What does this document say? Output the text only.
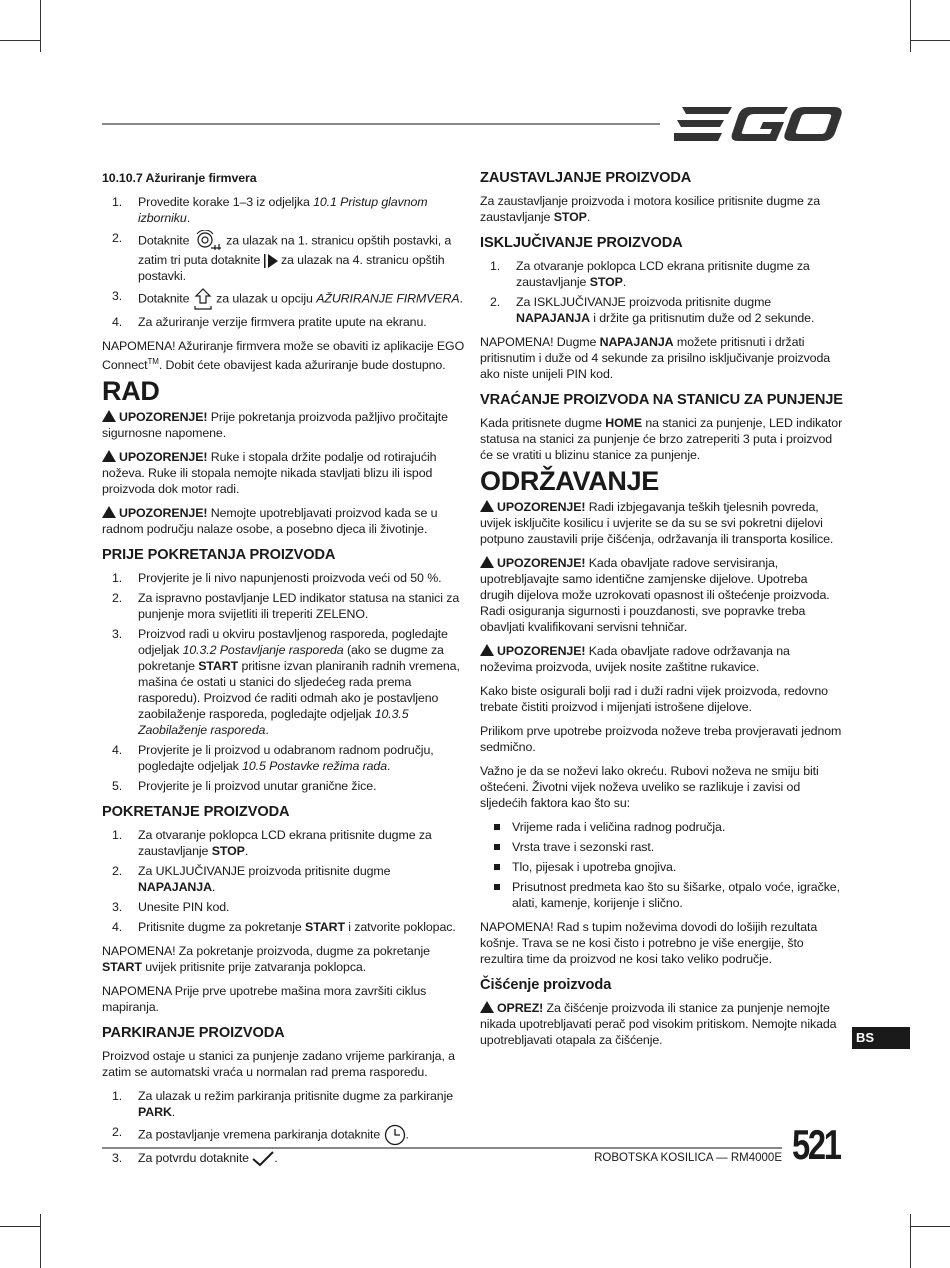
10.10.7 Ažuriranje firmvera
1. Provedite korake 1–3 iz odjeljka 10.1 Pristup glavnom izborniku.
2. Dotaknite  za ulazak na 1. stranicu opštih postavki, a zatim tri puta dotaknite  za ulazak na 4. stranicu opštih postavki.
3. Dotaknite  za ulazak u opciju AŽURIRANJE FIRMVERA.
4. Za ažuriranje verzije firmvera pratite upute na ekranu.

NAPOMENA! Ažuriranje firmvera može se obaviti iz aplikacije EGO Connect™. Dobit ćete obavijest kada ažuriranje bude dostupno.

RAD

UPOZORENJE! Prije pokretanja proizvoda pažljivo pročitajte sigurnosne napomene.

UPOZORENJE! Ruke i stopala držite podalje od rotirajućih noževa. Ruke ili stopala nemojte nikada stavljati blizu ili ispod proizvoda dok motor radi.

UPOZORENJE! Nemojte upotrebljavati proizvod kada se u radnom području nalaze osobe, a posebno djeca ili životinje.

PRIJE POKRETANJA PROIZVODA
1. Provjerite je li nivo napunjenosti proizvoda veći od 50 %.
2. Za ispravno postavljanje LED indikator statusa na stanici za punjenje mora svijetliti ili treperiti ZELENO.
3. Proizvod radi u okviru postavljenog rasporeda, pogledajte odjeljak 10.3.2 Postavljanje rasporeda (ako se dugme za pokretanje START pritisne izvan planiranih radnih vremena, mašina će ostati u stanici do sljedećeg rada prema rasporedu). Proizvod će raditi odmah ako je postavljeno zaobilaženje rasporeda, pogledajte odjeljak 10.3.5 Zaobilaženje rasporeda.
4. Provjerite je li proizvod u odabranom radnom području, pogledajte odjeljak 10.5 Postavke režima rada.
5. Provjerite je li proizvod unutar granične žice.
POKRETANJE PROIZVODA
1. Za otvaranje poklopca LCD ekrana pritisnite dugme za zaustavljanje STOP.
2. Za UKLJUČIVANJE proizvoda pritisnite dugme NAPAJANJA.
3. Unesite PIN kod.
4. Pritisnite dugme za pokretanje START i zatvorite poklopac.

NAPOMENA! Za pokretanje proizvoda, dugme za pokretanje START uvijek pritisnite prije zatvaranja poklopca.

NAPOMENA Prije prve upotrebe mašina mora završiti ciklus mapiranja.

PARKIRANJE PROIZVODA

Proizvod ostaje u stanici za punjenje zadano vrijeme parkiranja, a zatim se automatski vraća u normalan rad prema rasporedu.

1. Za ulazak u režim parkiranja pritisnite dugme za parkiranje PARK.
2. Za postavljanje vremena parkiranja dotaknite .
3. Za potvrdu dotaknite .
ZAUSTAVLJANJE PROIZVODA

Za zaustavljanje proizvoda i motora kosilice pritisnite dugme za zaustavljanje STOP.

ISKLJUČIVANJE PROIZVODA
1. Za otvaranje poklopca LCD ekrana pritisnite dugme za zaustavljanje STOP.
2. Za ISKLJUČIVANJE proizvoda pritisnite dugme NAPAJANJA i držite ga pritisnutim duže od 2 sekunde.

NAPOMENA! Dugme NAPAJANJA možete pritisnuti i držati pritisnutim i duže od 4 sekunde za prisilno isključivanje proizvoda ako niste unijeli PIN kod.

VRAĆANJE PROIZVODA NA STANICU ZA PUNJENJE

Kada pritisnete dugme HOME na stanici za punjenje, LED indikator statusa na stanici za punjenje će brzo zatreperiti 3 puta i proizvod će se vratiti u blizinu stanice za punjenje.

ODRŽAVANJE

UPOZORENJE! Radi izbjegavanja teških tjelesnih povreda, uvijek isključite kosilicu i uvjerite se da su se svi pokretni dijelovi potpuno zaustavili prije čišćenja, održavanja ili transporta kosilice.

UPOZORENJE! Kada obavljate radove servisiranja, upotrebljavajte samo identične zamjenske dijelove. Upotreba drugih dijelova može uzrokovati opasnost ili oštećenje proizvoda. Radi osiguranja sigurnosti i pouzdanosti, sve popravke treba obavljati kvalifikovani servisni tehničar.

UPOZORENJE! Kada obavljate radove održavanja na noževima proizvoda, uvijek nosite zaštitne rukavice.

Kako biste osigurali bolji rad i duži radni vijek proizvoda, redovno trebate čistiti proizvod i mijenjati istrošene dijelove.

Prilikom prve upotrebe proizvoda noževe treba provjeravati jednom sedmično.

Važno je da se noževi lako okreću. Rubovi noževa ne smiju biti oštećeni. Životni vijek noževa uveliko se razlikuje i zavisi od sljedećih faktora kao što su:

Vrijeme rada i veličina radnog područja.
Vrsta trave i sezonski rast.
Tlo, pijesak i upotreba gnojiva.
Prisutnost predmeta kao što su šišarke, otpalo voće, igračke, alati, kamenje, korijenje i slično.

NAPOMENA! Rad s tupim noževima dovodi do lošijih rezultata košnje. Trava se ne kosi čisto i potrebno je više energije, što rezultira time da proizvod ne kosi tako veliko područje.

Čišćenje proizvoda

OPREZ! Za čišćenje proizvoda ili stanice za punjenje nemojte nikada upotrebljavati perač pod visokim pritiskom. Nemojte nikada upotrebljavati otapala za čišćenje.	BS
ROBOTSKA KOSILICA — RM4000E 521
